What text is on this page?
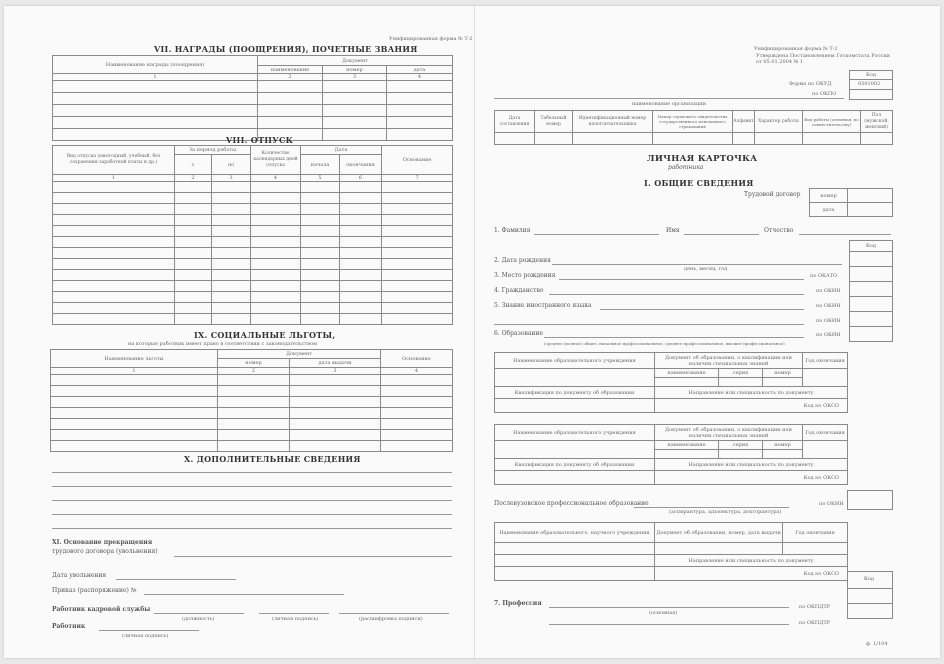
Унифицированная форма № Т-2
VII. НАГРАДЫ (ПООЩРЕНИЯ), ПОЧЕТНЫЕ ЗВАНИЯ
Наименование награды (поощрения)	Документ		
	наименование	номер	дата
1	2	3	4

VIII. ОТПУСК
Вид отпуска (ежегодный, учебный, без сохранения заработной платы и др.)	За период работы		Количество календарных дней отпуска	Дата		Основание
	с	по		начала	окончания	
1	2	3	4	5	6	7

IX. СОЦИАЛЬНЫЕ ЛЬГОТЫ,
на которые работник имеет право в соответствии с законодательством
Наименование льготы	Документ		Основание
	номер	дата выдачи	
1	2	3	4

X. ДОПОЛНИТЕЛЬНЫЕ СВЕДЕНИЯ
XI. Основание прекращения
трудового договора (увольнения)
Дата увольнения
Приказ (распоряжение) №
Работник кадровой службы
(должность)	(личная подпись)	(расшифровка подписи)
Работник
(личная подпись)
Унифицированная форма № Т-2
Утверждена Постановлением Госкомстата России от 05.01.2004 № 1
Код
0301002
Форма по ОКУД
по ОКПО
наименование организации
Дата составления	Табельный номер	Идентификационный номер налогоплательщика	Номер страхового свидетельства государственного пенсионного страхования	Алфавит	Характер работы	Вид работы (основная, по совместительству)	Пол (мужской, женский)

ЛИЧНАЯ КАРТОЧКА
работника
I. ОБЩИЕ СВЕДЕНИЯ
Трудовой договор	номер	
дата	
1. Фамилия	Имя	Отчество
Код
2. Дата рождения
день, месяц, год
3. Место рождения	по ОКАТО
4. Гражданство	по ОКИН
5. Знание иностранного языка	по ОКИН
по ОКИН
6. Образование	по ОКИН
(среднее (полное) общее, начальное профессиональное, среднее профессиональное, высшее профессиональное)
Наименование образовательного учреждения	Документ об образовании, о квалификации или наличии специальных знаний			Год окончания
	наименование	серия	номер	

Квалификация по документу об образовании	Направление или специальность по документу			
	Код по ОКСО			
Наименование образовательного учреждения	Документ об образовании, о квалификации или наличии специальных знаний			Год окончания
	наименование	серия	номер	

Квалификация по документу об образовании	Направление или специальность по документу			
	Код по ОКСО			
Послевузовское профессиональное образование	по ОКИН
(аспирантура, адъюнктура, докторантура)
Наименование образовательного, научного учреждения	Документ об образовании, номер, дата выдачи	Год окончания

	Направление или специальность по документу	
	Код по ОКСО	
Код
7. Профессия	по ОКПДТР
(основная)
по ОКПДТР
ф. 1/104
